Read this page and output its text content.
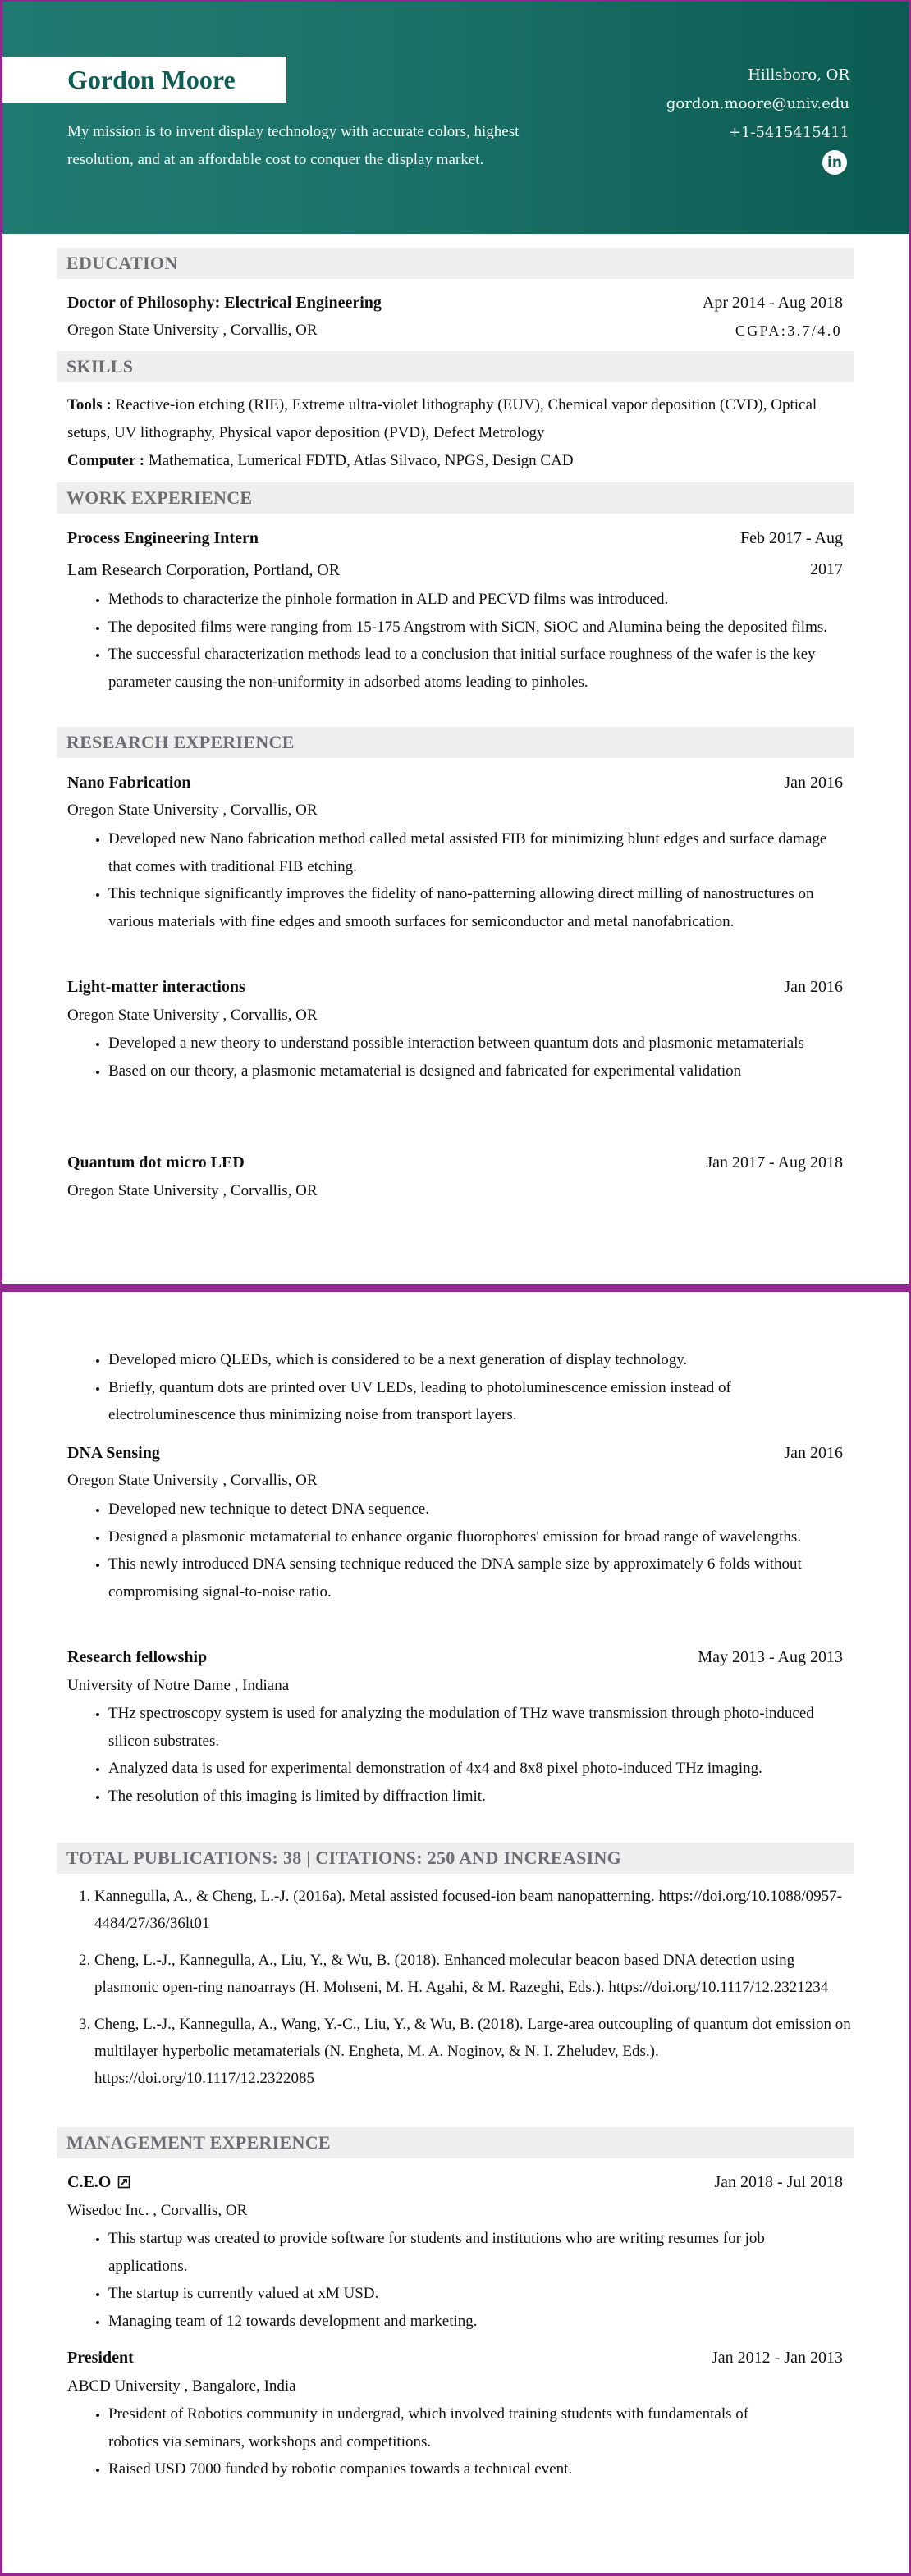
Gordon Moore
My mission is to invent display technology with accurate colors, highest resolution, and at an affordable cost to conquer the display market.
Hillsboro, OR
gordon.moore@univ.edu
+1-5415415411
in
EDUCATION
Doctor of Philosophy: Electrical Engineering	Apr 2014 - Aug 2018
Oregon State University , Corvallis, OR	CGPA:3.7/4.0
SKILLS
Tools : Reactive-ion etching (RIE), Extreme ultra-violet lithography (EUV), Chemical vapor deposition (CVD), Optical setups, UV lithography, Physical vapor deposition (PVD), Defect Metrology
Computer : Mathematica, Lumerical FDTD, Atlas Silvaco, NPGS, Design CAD
WORK EXPERIENCE
Process Engineering Intern	Feb 2017 - Aug
Lam Research Corporation, Portland, OR	2017
• Methods to characterize the pinhole formation in ALD and PECVD films was introduced.
• The deposited films were ranging from 15-175 Angstrom with SiCN, SiOC and Alumina being the deposited films.
• The successful characterization methods lead to a conclusion that initial surface roughness of the wafer is the key parameter causing the non-uniformity in adsorbed atoms leading to pinholes.
RESEARCH EXPERIENCE
Nano Fabrication	Jan 2016
Oregon State University , Corvallis, OR
• Developed new Nano fabrication method called metal assisted FIB for minimizing blunt edges and surface damage that comes with traditional FIB etching.
• This technique significantly improves the fidelity of nano-patterning allowing direct milling of nanostructures on various materials with fine edges and smooth surfaces for semiconductor and metal nanofabrication.
Light-matter interactions	Jan 2016
Oregon State University , Corvallis, OR
• Developed a new theory to understand possible interaction between quantum dots and plasmonic metamaterials
• Based on our theory, a plasmonic metamaterial is designed and fabricated for experimental validation
Quantum dot micro LED	Jan 2017 - Aug 2018
Oregon State University , Corvallis, OR
• Developed micro QLEDs, which is considered to be a next generation of display technology.
• Briefly, quantum dots are printed over UV LEDs, leading to photoluminescence emission instead of electroluminescence thus minimizing noise from transport layers.
DNA Sensing	Jan 2016
Oregon State University , Corvallis, OR
• Developed new technique to detect DNA sequence.
• Designed a plasmonic metamaterial to enhance organic fluorophores' emission for broad range of wavelengths.
• This newly introduced DNA sensing technique reduced the DNA sample size by approximately 6 folds without compromising signal-to-noise ratio.
Research fellowship	May 2013 - Aug 2013
University of Notre Dame , Indiana
• THz spectroscopy system is used for analyzing the modulation of THz wave transmission through photo-induced silicon substrates.
• Analyzed data is used for experimental demonstration of 4x4 and 8x8 pixel photo-induced THz imaging.
• The resolution of this imaging is limited by diffraction limit.
TOTAL PUBLICATIONS: 38 | CITATIONS: 250 AND INCREASING
1. Kannegulla, A., & Cheng, L.-J. (2016a). Metal assisted focused-ion beam nanopatterning. https://doi.org/10.1088/0957-4484/27/36/36lt01
2. Cheng, L.-J., Kannegulla, A., Liu, Y., & Wu, B. (2018). Enhanced molecular beacon based DNA detection using plasmonic open-ring nanoarrays (H. Mohseni, M. H. Agahi, & M. Razeghi, Eds.). https://doi.org/10.1117/12.2321234
3. Cheng, L.-J., Kannegulla, A., Wang, Y.-C., Liu, Y., & Wu, B. (2018). Large-area outcoupling of quantum dot emission on multilayer hyperbolic metamaterials (N. Engheta, M. A. Noginov, & N. I. Zheludev, Eds.). https://doi.org/10.1117/12.2322085
MANAGEMENT EXPERIENCE
C.E.O	Jan 2018 - Jul 2018
Wisedoc Inc. , Corvallis, OR
• This startup was created to provide software for students and institutions who are writing resumes for job applications.
• The startup is currently valued at xM USD.
• Managing team of 12 towards development and marketing.
President	Jan 2012 - Jan 2013
ABCD University , Bangalore, India
• President of Robotics community in undergrad, which involved training students with fundamentals of robotics via seminars, workshops and competitions.
• Raised USD 7000 funded by robotic companies towards a technical event.
